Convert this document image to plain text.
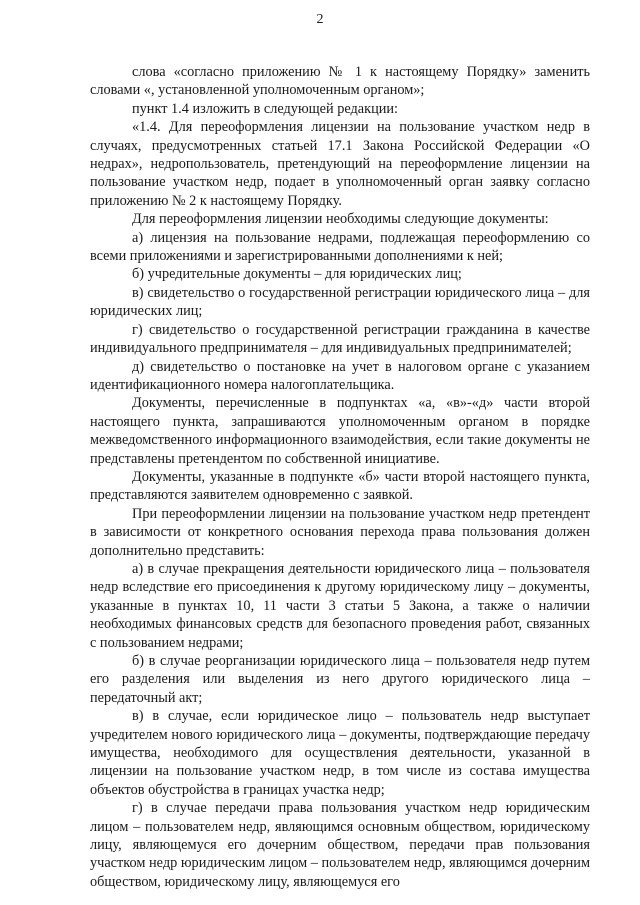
2

слова «согласно приложению № 1 к настоящему Порядку» заменить словами «, установленной уполномоченным органом»;

пункт 1.4 изложить в следующей редакции:

«1.4. Для переоформления лицензии на пользование участком недр в случаях, предусмотренных статьей 17.1 Закона Российской Федерации «О недрах», недропользователь, претендующий на переоформление лицензии на пользование участком недр, подает в уполномоченный орган заявку согласно приложению № 2 к настоящему Порядку.

Для переоформления лицензии необходимы следующие документы:

а) лицензия на пользование недрами, подлежащая переоформлению со всеми приложениями и зарегистрированными дополнениями к ней;

б) учредительные документы – для юридических лиц;

в) свидетельство о государственной регистрации юридического лица – для юридических лиц;

г) свидетельство о государственной регистрации гражданина в качестве индивидуального предпринимателя – для индивидуальных предпринимателей;

д) свидетельство о постановке на учет в налоговом органе с указанием идентификационного номера налогоплательщика.

Документы, перечисленные в подпунктах «а, «в»-«д» части второй настоящего пункта, запрашиваются уполномоченным органом в порядке межведомственного информационного взаимодействия, если такие документы не представлены претендентом по собственной инициативе.

Документы, указанные в подпункте «б» части второй настоящего пункта, представляются заявителем одновременно с заявкой.

При переоформлении лицензии на пользование участком недр претендент в зависимости от конкретного основания перехода права пользования должен дополнительно представить:

а) в случае прекращения деятельности юридического лица – пользователя недр вследствие его присоединения к другому юридическому лицу – документы, указанные в пунктах 10, 11 части 3 статьи 5 Закона, а также о наличии необходимых финансовых средств для безопасного проведения работ, связанных с пользованием недрами;

б) в случае реорганизации юридического лица – пользователя недр путем его разделения или выделения из него другого юридического лица – передаточный акт;

в) в случае, если юридическое лицо – пользователь недр выступает учредителем нового юридического лица – документы, подтверждающие передачу имущества, необходимого для осуществления деятельности, указанной в лицензии на пользование участком недр, в том числе из состава имущества объектов обустройства в границах участка недр;

г) в случае передачи права пользования участком недр юридическим лицом – пользователем недр, являющимся основным обществом, юридическому лицу, являющемуся его дочерним обществом, передачи прав пользования участком недр юридическим лицом – пользователем недр, являющимся дочерним обществом, юридическому лицу, являющемуся его
